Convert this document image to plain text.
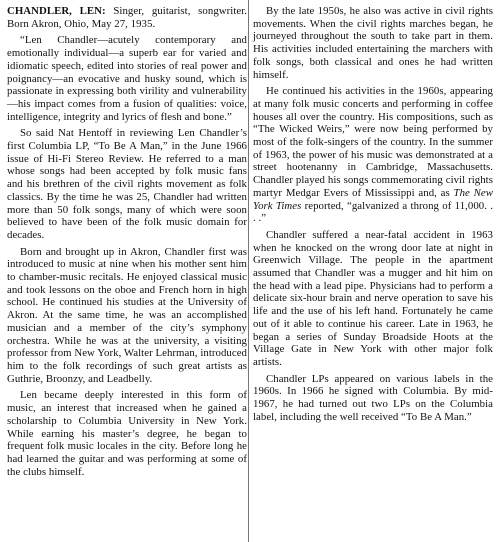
CHANDLER, LEN: Singer, guitarist, songwriter. Born Akron, Ohio, May 27, 1935.

“Len Chandler—acutely contemporary and emotionally individual—a superb ear for varied and idiomatic speech, edited into stories of real power and poignancy—an evocative and husky sound, which is passionate in expressing both virility and vulnerability—his impact comes from a fusion of qualities: voice, intelligence, integrity and lyrics of flesh and bone.”

So said Nat Hentoff in reviewing Len Chandler’s first Columbia LP, “To Be A Man,” in the June 1966 issue of Hi-Fi Stereo Review. He referred to a man whose songs had been accepted by folk music fans and his brethren of the civil rights movement as folk classics. By the time he was 25, Chandler had written more than 50 folk songs, many of which were soon believed to have been of the folk music domain for decades.

Born and brought up in Akron, Chandler first was introduced to music at nine when his mother sent him to chamber-music recitals. He enjoyed classical music and took lessons on the oboe and French horn in high school. He continued his studies at the University of Akron. At the same time, he was an accomplished musician and a member of the city’s symphony orchestra. While he was at the university, a visiting professor from New York, Walter Lehrman, introduced him to the folk recordings of such great artists as Guthrie, Broonzy, and Leadbelly.

Len became deeply interested in this form of music, an interest that increased when he gained a scholarship to Columbia University in New York. While earning his master’s degree, he began to frequent folk music locales in the city. Before long he had learned the guitar and was performing at some of the clubs himself.

By the late 1950s, he also was active in civil rights movements. When the civil rights marches began, he journeyed throughout the south to take part in them. His activities included entertaining the marchers with folk songs, both classical and ones he had written himself.

He continued his activities in the 1960s, appearing at many folk music concerts and performing in coffee houses all over the country. His compositions, such as “The Wicked Weirs,” were now being performed by most of the folk-singers of the country. In the summer of 1963, the power of his music was demonstrated at a street hootenanny in Cambridge, Massachusetts. Chandler played his songs commemorating civil rights martyr Medgar Evers of Mississippi and, as The New York Times reported, “galvanized a throng of 11,000. . . .”

Chandler suffered a near-fatal accident in 1963 when he knocked on the wrong door late at night in Greenwich Village. The people in the apartment assumed that Chandler was a mugger and hit him on the head with a lead pipe. Physicians had to perform a delicate six-hour brain and nerve operation to save his life and the use of his left hand. Fortunately he came out of it able to continue his career. Late in 1963, he began a series of Sunday Broadside Hoots at the Village Gate in New York with other major folk artists.

Chandler LPs appeared on various labels in the 1960s. In 1966 he signed with Columbia. By mid-1967, he had turned out two LPs on the Columbia label, including the well received “To Be A Man.”
